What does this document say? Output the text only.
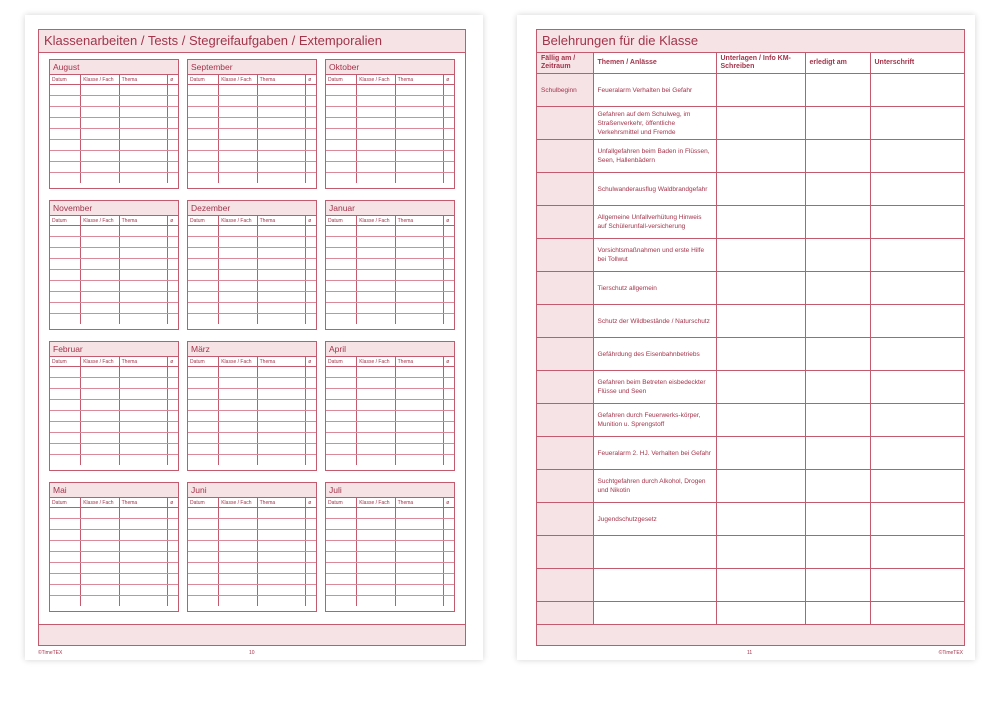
Klassenarbeiten / Tests / Stegreifaufgaben / Extemporalien
August
Datum	Klasse / Fach	Thema	ø

September
Datum	Klasse / Fach	Thema	ø

Oktober
Datum	Klasse / Fach	Thema	ø

November
Datum	Klasse / Fach	Thema	ø

Dezember
Datum	Klasse / Fach	Thema	ø

Januar
Datum	Klasse / Fach	Thema	ø

Februar
Datum	Klasse / Fach	Thema	ø

März
Datum	Klasse / Fach	Thema	ø

April
Datum	Klasse / Fach	Thema	ø

Mai
Datum	Klasse / Fach	Thema	ø

Juni
Datum	Klasse / Fach	Thema	ø

Juli
Datum	Klasse / Fach	Thema	ø

©TimeTEX	10
Belehrungen für die Klasse
Fällig am / Zeitraum	Themen / Anlässe	Unterlagen / Info KM-Schreiben	erledigt am	Unterschrift
Schulbeginn	Feueralarm Verhalten bei Gefahr			
	Gefahren auf dem Schulweg, im Straßenverkehr, öffentliche Verkehrsmittel und Fremde			
	Unfallgefahren beim Baden in Flüssen, Seen, Hallenbädern			
	Schulwanderausflug Waldbrandgefahr			
	Allgemeine Unfallverhütung Hinweis auf Schülerunfall-versicherung			
	Vorsichtsmaßnahmen und erste Hilfe bei Tollwut			
	Tierschutz allgemein			
	Schutz der Wildbestände / Naturschutz			
	Gefährdung des Eisenbahnbetriebs			
	Gefahren beim Betreten eisbedeckter Flüsse und Seen			
	Gefahren durch Feuerwerks-körper, Munition u. Sprengstoff			
	Feueralarm 2. HJ. Verhalten bei Gefahr			
	Suchtgefahren durch Alkohol, Drogen und Nikotin			
	Jugendschutzgesetz			

11	©TimeTEX
